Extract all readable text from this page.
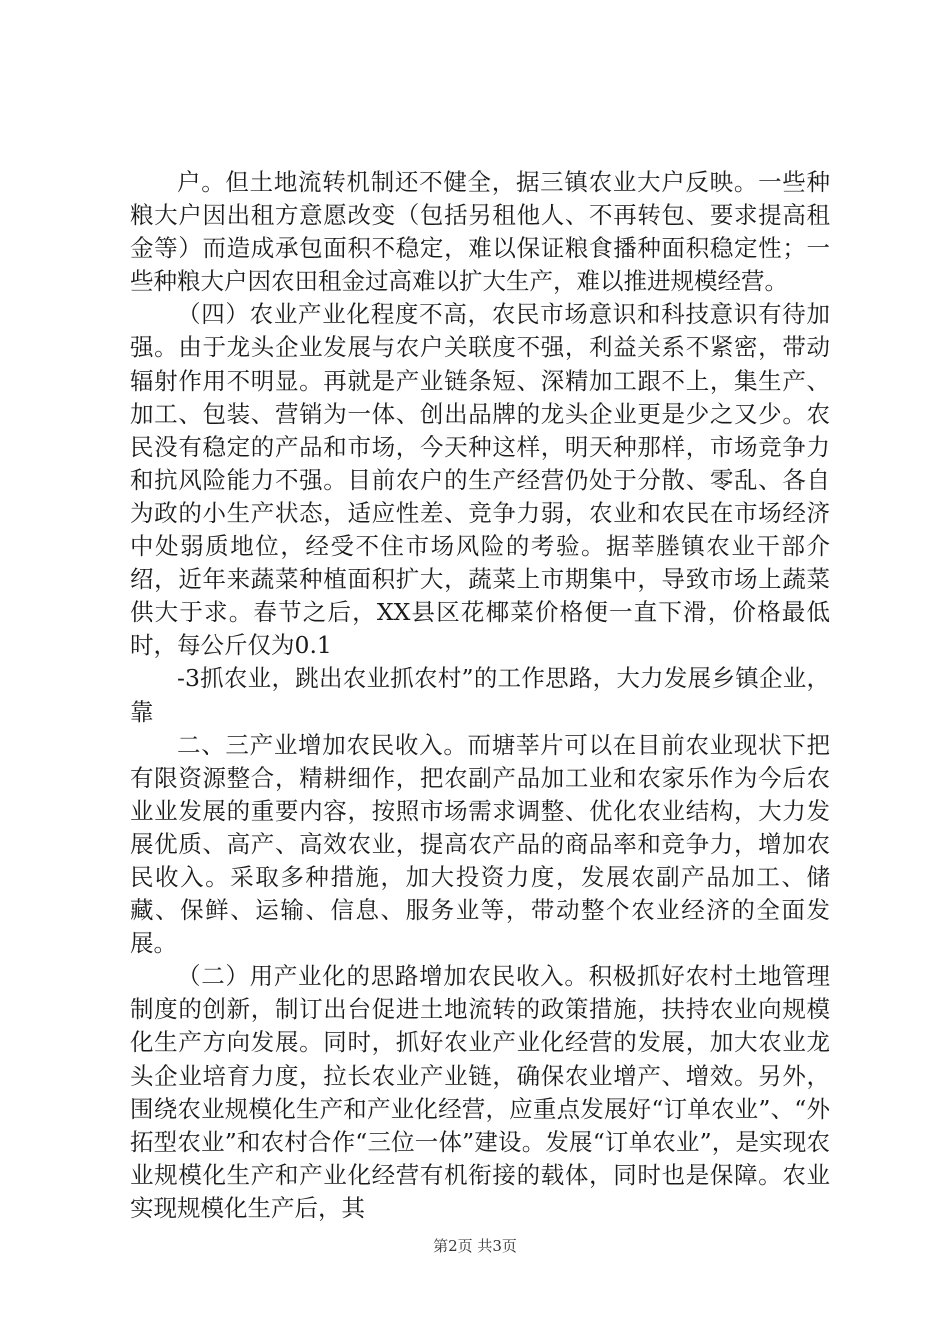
户。但土地流转机制还不健全，据三镇农业大户反映。一些种粮大户因出租方意愿改变（包括另租他人、不再转包、要求提高租金等）而造成承包面积不稳定，难以保证粮食播种面积稳定性；一些种粮大户因农田租金过高难以扩大生产，难以推进规模经营。

（四）农业产业化程度不高，农民市场意识和科技意识有待加强。由于龙头企业发展与农户关联度不强，利益关系不紧密，带动辐射作用不明显。再就是产业链条短、深精加工跟不上，集生产、加工、包装、营销为一体、创出品牌的龙头企业更是少之又少。农民没有稳定的产品和市场，今天种这样，明天种那样，市场竞争力和抗风险能力不强。目前农户的生产经营仍处于分散、零乱、各自为政的小生产状态，适应性差、竞争力弱，农业和农民在市场经济中处弱质地位，经受不住市场风险的考验。据莘塍镇农业干部介绍，近年来蔬菜种植面积扩大，蔬菜上市期集中，导致市场上蔬菜供大于求。春节之后，XX县区花椰菜价格便一直下滑，价格最低时，每公斤仅为0.1

-3抓农业，跳出农业抓农村”的工作思路，大力发展乡镇企业，靠

二、三产业增加农民收入。而塘莘片可以在目前农业现状下把有限资源整合，精耕细作，把农副产品加工业和农家乐作为今后农业业发展的重要内容，按照市场需求调整、优化农业结构，大力发展优质、高产、高效农业，提高农产品的商品率和竞争力，增加农民收入。采取多种措施，加大投资力度，发展农副产品加工、储藏、保鲜、运输、信息、服务业等，带动整个农业经济的全面发展。

（二）用产业化的思路增加农民收入。积极抓好农村土地管理制度的创新，制订出台促进土地流转的政策措施，扶持农业向规模化生产方向发展。同时，抓好农业产业化经营的发展，加大农业龙头企业培育力度，拉长农业产业链，确保农业增产、增效。另外，围绕农业规模化生产和产业化经营，应重点发展好“订单农业”、“外拓型农业”和农村合作“三位一体”建设。发展“订单农业”，是实现农业规模化生产和产业化经营有机衔接的载体，同时也是保障。农业实现规模化生产后，其

第2页 共3页
